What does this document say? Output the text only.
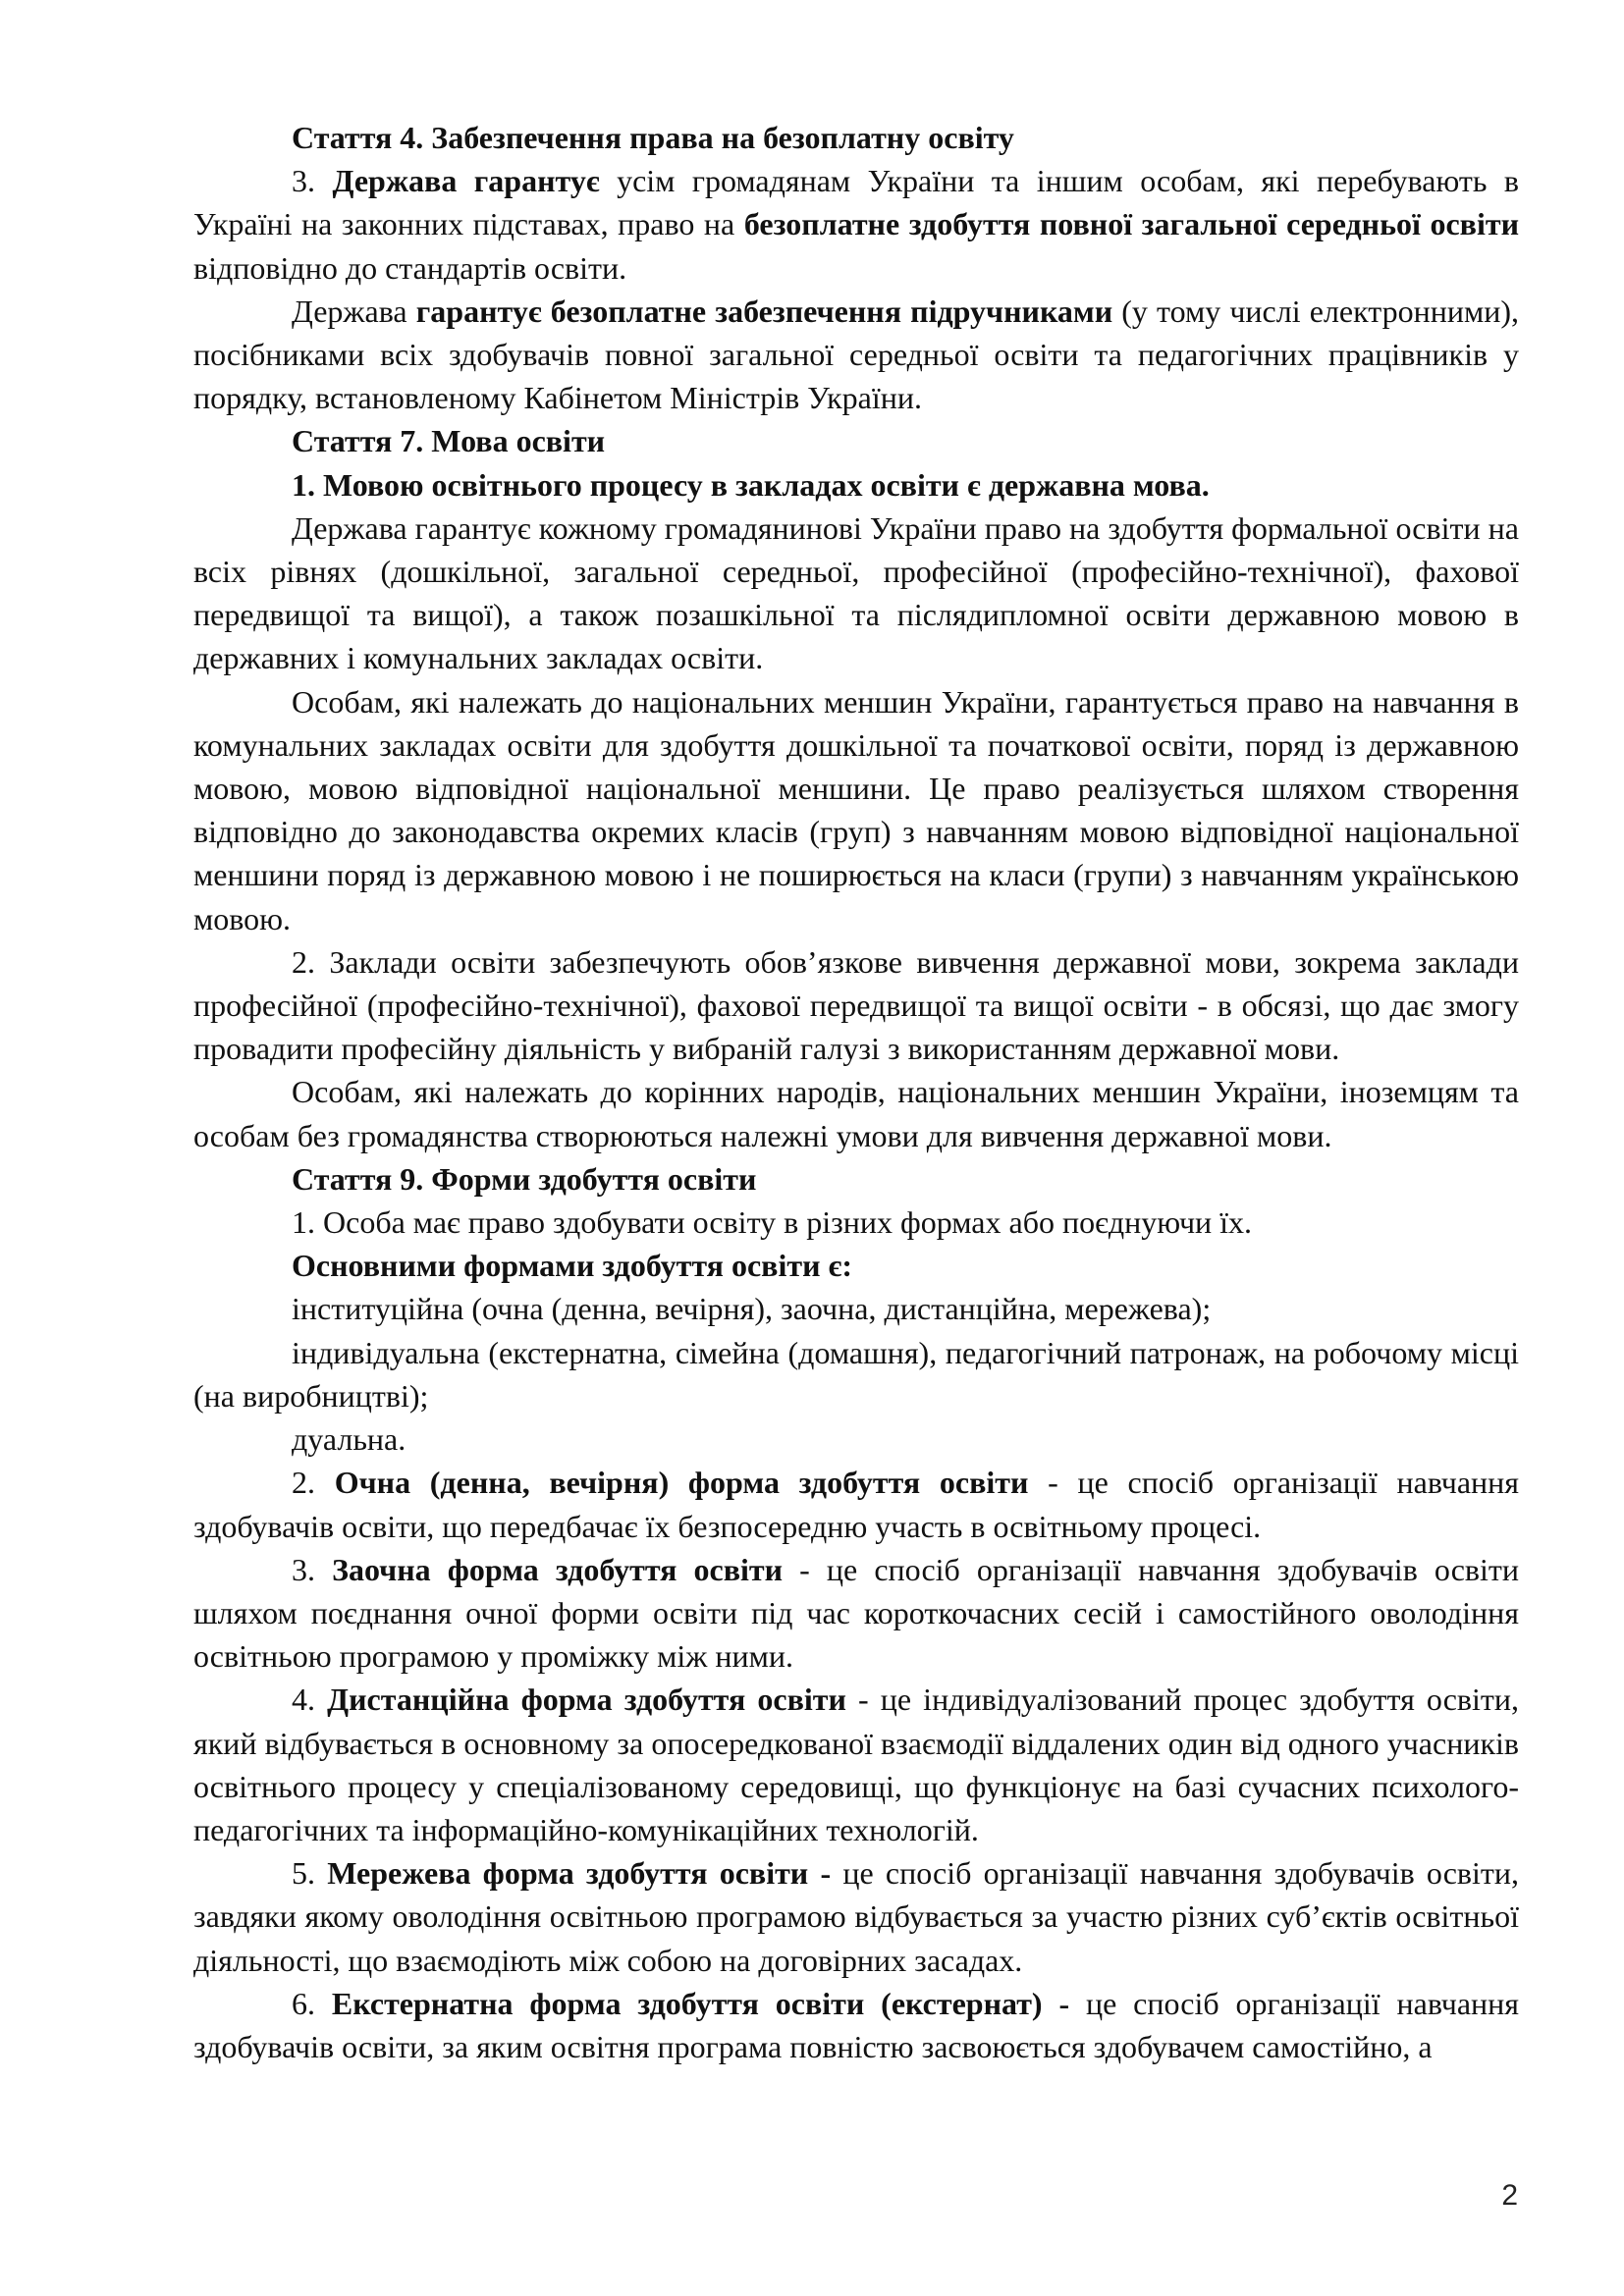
Стаття 4. Забезпечення права на безоплатну освіту

3. Держава гарантує усім громадянам України та іншим особам, які перебувають в Україні на законних підставах, право на безоплатне здобуття повної загальної середньої освіти відповідно до стандартів освіти.

Держава гарантує безоплатне забезпечення підручниками (у тому числі електронними), посібниками всіх здобувачів повної загальної середньої освіти та педагогічних працівників у порядку, встановленому Кабінетом Міністрів України.

Стаття 7. Мова освіти

1. Мовою освітнього процесу в закладах освіти є державна мова.

Держава гарантує кожному громадянинові України право на здобуття формальної освіти на всіх рівнях (дошкільної, загальної середньої, професійної (професійно-технічної), фахової передвищої та вищої), а також позашкільної та післядипломної освіти державною мовою в державних і комунальних закладах освіти.

Особам, які належать до національних меншин України, гарантується право на навчання в комунальних закладах освіти для здобуття дошкільної та початкової освіти, поряд із державною мовою, мовою відповідної національної меншини. Це право реалізується шляхом створення відповідно до законодавства окремих класів (груп) з навчанням мовою відповідної національної меншини поряд із державною мовою і не поширюється на класи (групи) з навчанням українською мовою.

2. Заклади освіти забезпечують обов’язкове вивчення державної мови, зокрема заклади професійної (професійно-технічної), фахової передвищої та вищої освіти - в обсязі, що дає змогу провадити професійну діяльність у вибраній галузі з використанням державної мови.

Особам, які належать до корінних народів, національних меншин України, іноземцям та особам без громадянства створюються належні умови для вивчення державної мови.

Стаття 9. Форми здобуття освіти

1. Особа має право здобувати освіту в різних формах або поєднуючи їх.

Основними формами здобуття освіти є:

інституційна (очна (денна, вечірня), заочна, дистанційна, мережева);

індивідуальна (екстернатна, сімейна (домашня), педагогічний патронаж, на робочому місці (на виробництві);

дуальна.

2. Очна (денна, вечірня) форма здобуття освіти - це спосіб організації навчання здобувачів освіти, що передбачає їх безпосередню участь в освітньому процесі.

3. Заочна форма здобуття освіти - це спосіб організації навчання здобувачів освіти шляхом поєднання очної форми освіти під час короткочасних сесій і самостійного оволодіння освітньою програмою у проміжку між ними.

4. Дистанційна форма здобуття освіти - це індивідуалізований процес здобуття освіти, який відбувається в основному за опосередкованої взаємодії віддалених один від одного учасників освітнього процесу у спеціалізованому середовищі, що функціонує на базі сучасних психолого-педагогічних та інформаційно-комунікаційних технологій.

5. Мережева форма здобуття освіти - це спосіб організації навчання здобувачів освіти, завдяки якому оволодіння освітньою програмою відбувається за участю різних суб’єктів освітньої діяльності, що взаємодіють між собою на договірних засадах.

6. Екстернатна форма здобуття освіти (екстернат) - це спосіб організації навчання здобувачів освіти, за яким освітня програма повністю засвоюється здобувачем самостійно, а

2
